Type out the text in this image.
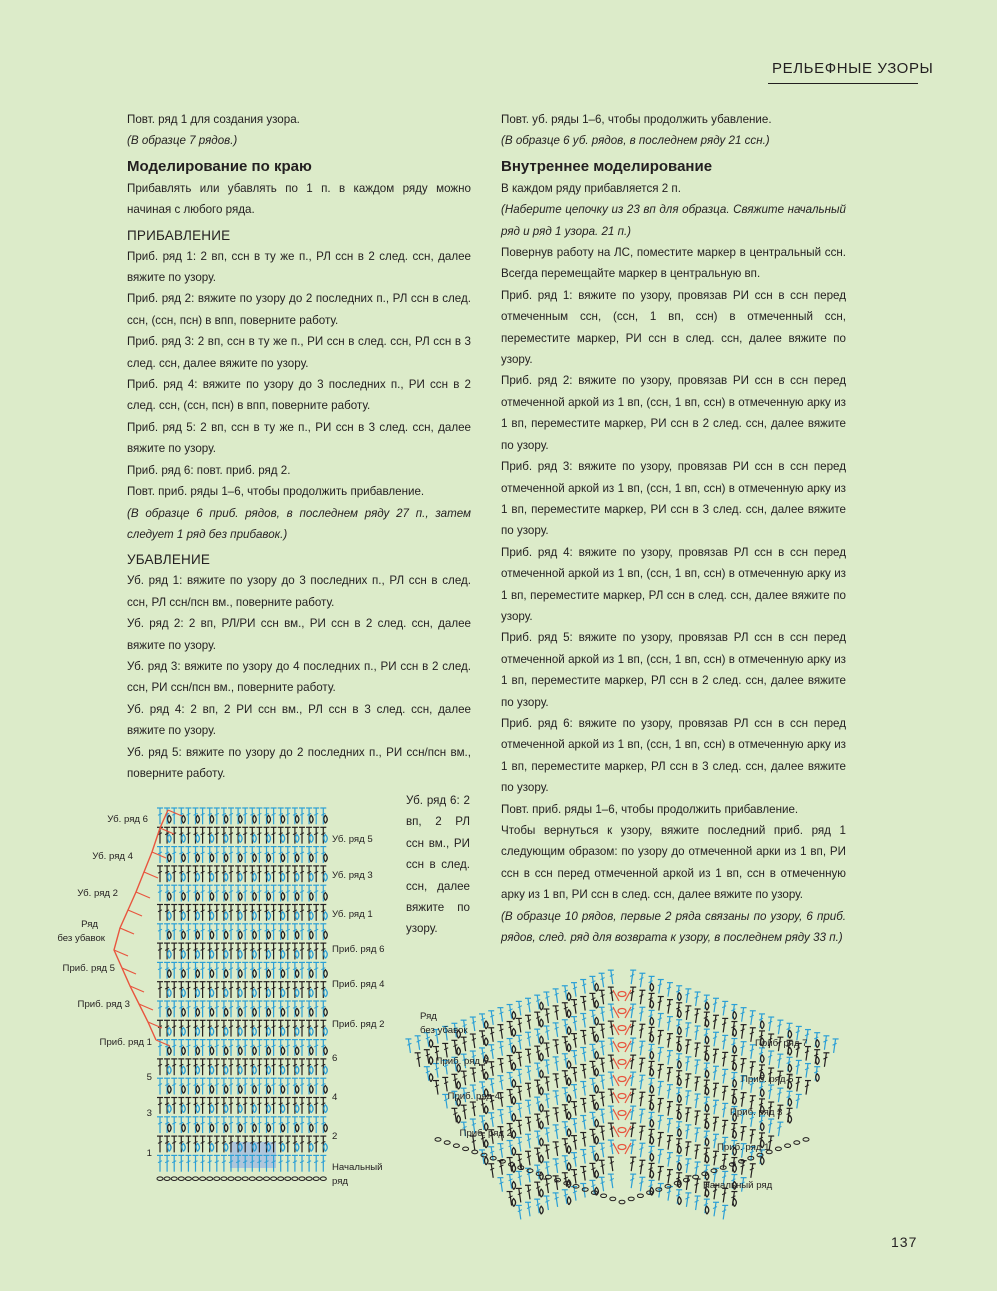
РЕЛЬЕФНЫЕ УЗОРЫ

Повт. ряд 1 для создания узора.

(В образце 7 рядов.)

Моделирование по краю

Прибавлять или убавлять по 1 п. в каждом ряду можно начиная с любого ряда.

ПРИБАВЛЕНИЕ

Приб. ряд 1: 2 вп, ссн в ту же п., РЛ ссн в 2 след. ссн, далее вяжите по узору.

Приб. ряд 2: вяжите по узору до 2 последних п., РЛ ссн в след. ссн, (ссн, псн) в впп, поверните работу.

Приб. ряд 3: 2 вп, ссн в ту же п., РИ ссн в след. ссн, РЛ ссн в 3 след. ссн, далее вяжите по узору.

Приб. ряд 4: вяжите по узору до 3 последних п., РИ ссн в 2 след. ссн, (ссн, псн) в впп, поверните работу.

Приб. ряд 5: 2 вп, ссн в ту же п., РИ ссн в 3 след. ссн, далее вяжите по узору.

Приб. ряд 6: повт. приб. ряд 2.

Повт. приб. ряды 1–6, чтобы продолжить прибавление.

(В образце 6 приб. рядов, в последнем ряду 27 п., затем следует 1 ряд без прибавок.)

УБАВЛЕНИЕ

Уб. ряд 1: вяжите по узору до 3 последних п., РЛ ссн в след. ссн, РЛ ссн/псн вм., поверните работу.

Уб. ряд 2: 2 вп, РЛ/РИ ссн вм., РИ ссн в 2 след. ссн, далее вяжите по узору.

Уб. ряд 3: вяжите по узору до 4 последних п., РИ ссн в 2 след. ссн, РИ ссн/псн вм., поверните работу.

Уб. ряд 4: 2 вп, 2 РИ ссн вм., РЛ ссн в 3 след. ссн, далее вяжите по узору.

Уб. ряд 5: вяжите по узору до 2 последних п., РИ ссн/псн вм., поверните работу.

Уб. ряд 6: 2 вп, 2 РЛ ссн вм., РИ ссн в след. ссн, далее вяжите по узору.

Повт. уб. ряды 1–6, чтобы продолжить убавление.

(В образце 6 уб. рядов, в последнем ряду 21 ссн.)

Внутреннее моделирование

В каждом ряду прибавляется 2 п.

(Наберите цепочку из 23 вп для образца. Свяжите начальный ряд и ряд 1 узора. 21 п.)

Повернув работу на ЛС, поместите маркер в центральный ссн. Всегда перемещайте маркер в центральную вп.

Приб. ряд 1: вяжите по узору, провязав РИ ссн в ссн перед отмеченным ссн, (ссн, 1 вп, ссн) в отмеченный ссн, переместите маркер, РИ ссн в след. ссн, далее вяжите по узору.

Приб. ряд 2: вяжите по узору, провязав РИ ссн в ссн перед отмеченной аркой из 1 вп, (ссн, 1 вп, ссн) в отмеченную арку из 1 вп, переместите маркер, РИ ссн в 2 след. ссн, далее вяжите по узору.

Приб. ряд 3: вяжите по узору, провязав РИ ссн в ссн перед отмеченной аркой из 1 вп, (ссн, 1 вп, ссн) в отмеченную арку из 1 вп, переместите маркер, РИ ссн в 3 след. ссн, далее вяжите по узору.

Приб. ряд 4: вяжите по узору, провязав РЛ ссн в ссн перед отмеченной аркой из 1 вп, (ссн, 1 вп, ссн) в отмеченную арку из 1 вп, переместите маркер, РЛ ссн в след. ссн, далее вяжите по узору.

Приб. ряд 5: вяжите по узору, провязав РЛ ссн в ссн перед отмеченной аркой из 1 вп, (ссн, 1 вп, ссн) в отмеченную арку из 1 вп, переместите маркер, РЛ ссн в 2 след. ссн, далее вяжите по узору.

Приб. ряд 6: вяжите по узору, провязав РЛ ссн в ссн перед отмеченной аркой из 1 вп, (ссн, 1 вп, ссн) в отмеченную арку из 1 вп, переместите маркер, РЛ ссн в 3 след. ссн, далее вяжите по узору.

Повт. приб. ряды 1–6, чтобы продолжить прибавление.

Чтобы вернуться к узору, вяжите последний приб. ряд 1 следующим образом: по узору до отмеченной арки из 1 вп, РИ ссн в ссн перед отмеченной аркой из 1 вп, ссн в отмеченную арку из 1 вп, РИ ссн в след. ссн, далее вяжите по узору.

(В образце 10 рядов, первые 2 ряда связаны по узору, 6 приб. рядов, след. ряд для возврата к узору, в последнем ряду 33 п.)

Уб. ряд 6
Уб. ряд 4
Уб. ряд 2
Ряд
без убавок
Приб. ряд 5
Приб. ряд 3
Приб. ряд 1
5
3
1
Уб. ряд 5
Уб. ряд 3
Уб. ряд 1
Приб. ряд 6
Приб. ряд 4
Приб. ряд 2
6
4
2
Начальный
ряд
Ряд
без убавок
Приб. ряд 6
Приб. ряд 4
Приб. ряд 2
1
Приб. ряд 7
Приб. ряд 5
Приб. ряд 3
Приб. ряд 1
Начальный ряд
137
